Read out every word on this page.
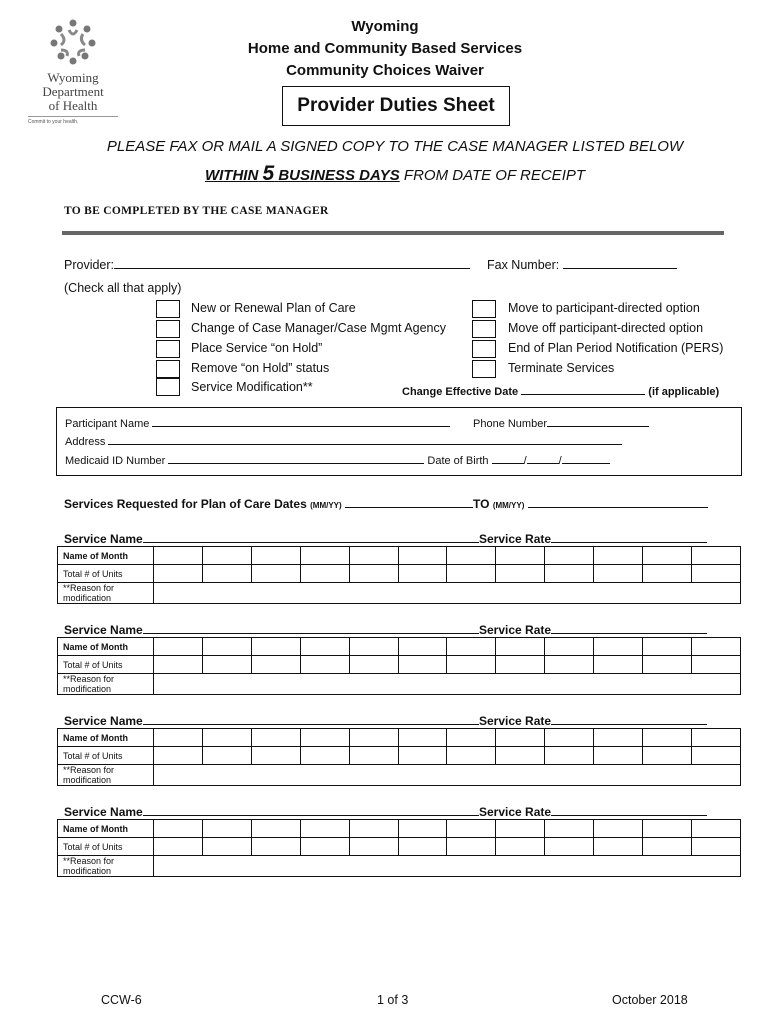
Wyoming
Department
of Health
Commit to your health.
Wyoming
Home and Community Based Services
Community Choices Waiver
Provider Duties Sheet
PLEASE FAX OR MAIL A SIGNED COPY TO THE CASE MANAGER LISTED BELOW
WITHIN 5 BUSINESS DAYS FROM DATE OF RECEIPT
TO BE COMPLETED BY THE CASE MANAGER
Provider:	Fax Number:
(Check all that apply)
New or Renewal Plan of Care
Change of Case Manager/Case Mgmt Agency
Place Service “on Hold”
Remove “on Hold” status
Service Modification**
Move to participant-directed option
Move off participant-directed option
End of Plan Period Notification (PERS)
Terminate Services
Change Effective Date	(if applicable)
Participant Name	Phone Number
Address
Medicaid ID Number	Date of Birth	/	/
Services Requested for Plan of Care Dates (MM/YY)	TO (MM/YY)
Service Name	Service Rate
Name of Month												
Total # of Units												
**Reason for modification												
Service Name	Service Rate
Name of Month												
Total # of Units												
**Reason for modification												
Service Name	Service Rate
Name of Month												
Total # of Units												
**Reason for modification												
Service Name	Service Rate
Name of Month												
Total # of Units												
**Reason for modification												
CCW-6	1 of 3	October 2018
